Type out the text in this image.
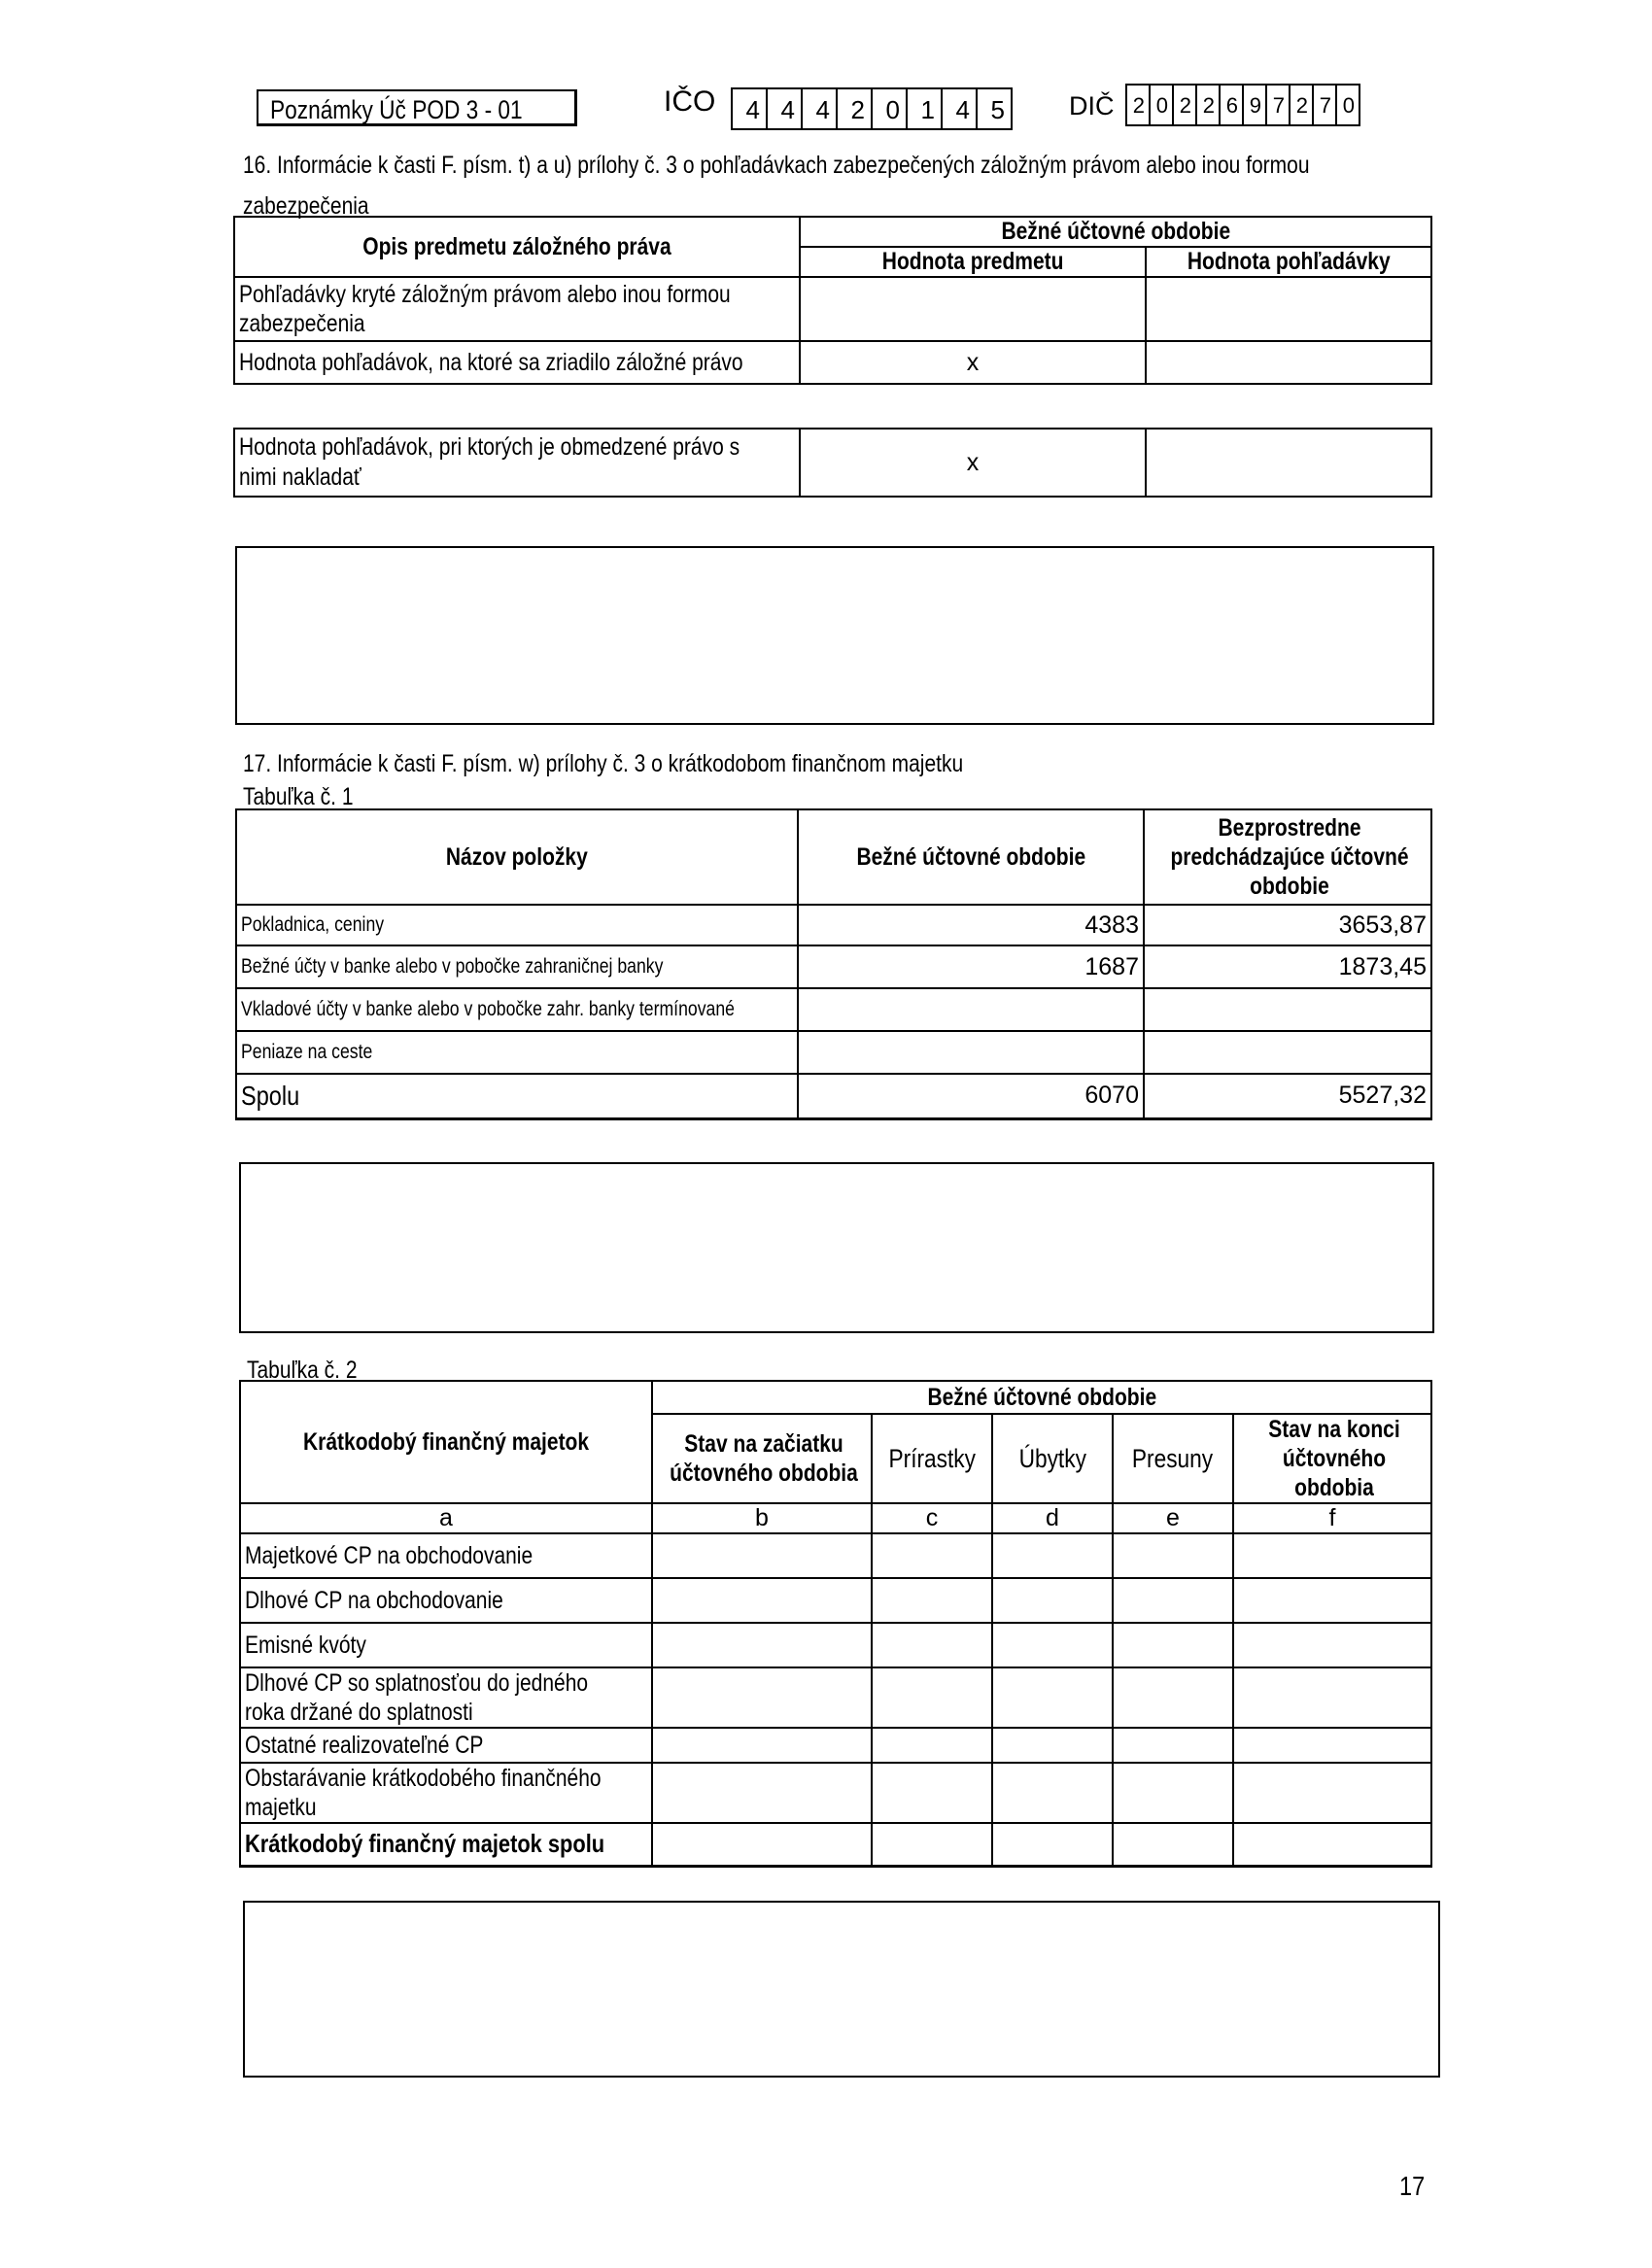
Poznámky Úč POD 3 - 01	IČO	4 4 4 2 0 1 4 5 DIČ 2 0 2 2 6 9 7 2 7 0
16. Informácie k časti F. písm. t) a u) prílohy č. 3 o pohľadávkach zabezpečených záložným právom alebo inou formou
zabezpečenia
Opis predmetu záložného práva	Bežné účtovné obdobie	
	Hodnota predmetu	Hodnota pohľadávky
Pohľadávky kryté záložným právom alebo inou formou zabezpečenia		
Hodnota pohľadávok, na ktoré sa zriadilo záložné právo	x	
Hodnota pohľadávok, pri ktorých je obmedzené právo s nimi nakladať	x	
17. Informácie k časti F. písm. w) prílohy č. 3 o krátkodobom finančnom majetku
Tabuľka č. 1
Názov položky	Bežné účtovné obdobie	Bezprostredne predchádzajúce účtovné obdobie
Pokladnica, ceniny	4383	3653,87
Bežné účty v banke alebo v pobočke zahraničnej banky	1687	1873,45
Vkladové účty v banke alebo v pobočke zahr. banky termínované		
Peniaze na ceste		
Spolu	6070	5527,32
Tabuľka č. 2
Krátkodobý finančný majetok	Bežné účtovné obdobie				
	Stav na začiatku účtovného obdobia	Prírastky	Úbytky	Presuny	Stav na konci účtovného obdobia
a	b	c	d	e	f
Majetkové CP na obchodovanie					
Dlhové CP na obchodovanie					
Emisné kvóty					
Dlhové CP so splatnosťou do jedného roka držané do splatnosti					
Ostatné realizovateľné CP					
Obstarávanie krátkodobého finančného majetku					
Krátkodobý finančný majetok spolu					
17
